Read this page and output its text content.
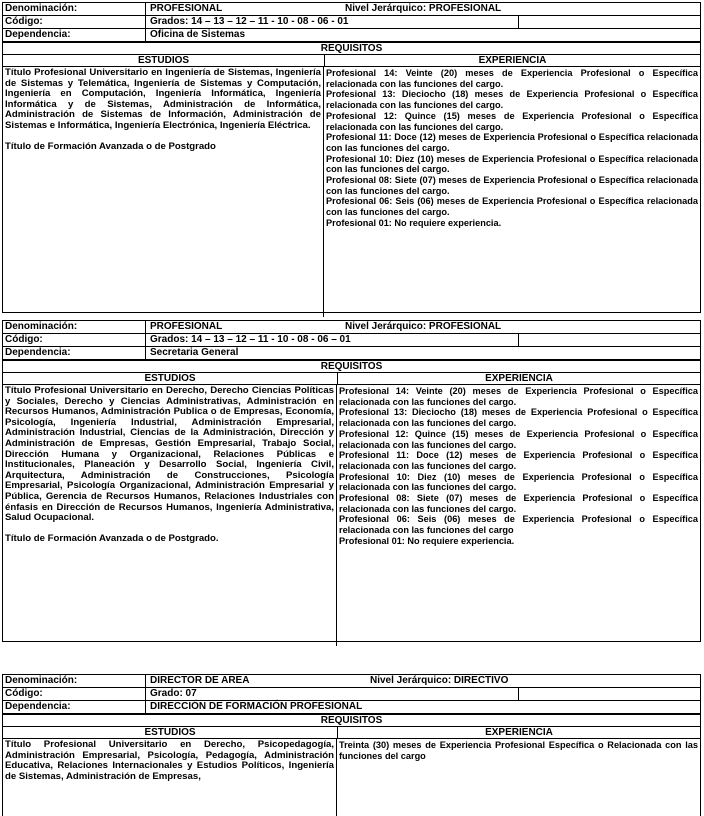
Denominación:	PROFESIONAL	Nivel Jerárquico: PROFESIONAL
Código:	Grados: 14 – 13 – 12 – 11 - 10 - 08 - 06 - 01
Dependencia:	Oficina de Sistemas
REQUISITOS
ESTUDIOS	EXPERIENCIA

Título Profesional Universitario en Ingeniería de Sistemas, Ingeniería de Sistemas y Telemática, Ingeniería de Sistemas y Computación, Ingeniería en Computación, Ingeniería Informática, Ingeniería Informática y de Sistemas, Administración de Informática, Administración de Sistemas de Información, Administración de Sistemas e Informática, Ingeniería Electrónica, Ingeniería Eléctrica.

Título de Formación Avanzada o de Postgrado

Profesional 14: Veinte (20) meses de Experiencia Profesional o Específica relacionada con las funciones del cargo.

Profesional 13: Dieciocho (18) meses de Experiencia Profesional o Específica relacionada con las funciones del cargo.

Profesional 12: Quince (15) meses de Experiencia Profesional o Específica relacionada con las funciones del cargo.

Profesional 11: Doce (12) meses de Experiencia Profesional o Específica relacionada con las funciones del cargo.

Profesional 10: Diez (10) meses de Experiencia Profesional o Específica relacionada con las funciones del cargo.

Profesional 08: Siete (07) meses de Experiencia Profesional o Específica relacionada con las funciones del cargo.

Profesional 06: Seis (06) meses de Experiencia Profesional o Específica relacionada con las funciones del cargo.

Profesional 01: No requiere experiencia.

Denominación:	PROFESIONAL	Nivel Jerárquico: PROFESIONAL
Código:	Grados: 14 – 13 – 12 – 11 - 10 - 08 - 06 – 01
Dependencia:	Secretaria General
REQUISITOS
ESTUDIOS	EXPERIENCIA

Título Profesional Universitario en Derecho, Derecho Ciencias Políticas y Sociales, Derecho y Ciencias Administrativas, Administración en Recursos Humanos, Administración Publica o de Empresas, Economía, Psicología, Ingeniería Industrial, Administración Empresarial, Administración Industrial, Ciencias de la Administración, Dirección y Administración de Empresas, Gestión Empresarial, Trabajo Social, Dirección Humana y Organizacional, Relaciones Públicas e Institucionales, Planeación y Desarrollo Social, Ingeniería Civil, Arquitectura, Administración de Construcciones, Psicología Empresarial, Psicología Organizacional, Administración Empresarial y Pública, Gerencia de Recursos Humanos, Relaciones Industriales con énfasis en Dirección de Recursos Humanos, Ingeniería Administrativa, Salud Ocupacional.

Título de Formación Avanzada o de Postgrado.

Profesional 14: Veinte (20) meses de Experiencia Profesional o Específica relacionada con las funciones del cargo.

Profesional 13: Dieciocho (18) meses de Experiencia Profesional o Específica relacionada con las funciones del cargo.

Profesional 12: Quince (15) meses de Experiencia Profesional o Específica relacionada con las funciones del cargo.

Profesional 11: Doce (12) meses de Experiencia Profesional o Específica relacionada con las funciones del cargo.

Profesional 10: Diez (10) meses de Experiencia Profesional o Específica relacionada con las funciones del cargo.

Profesional 08: Siete (07) meses de Experiencia Profesional o Específica relacionada con las funciones del cargo.

Profesional 06: Seis (06) meses de Experiencia Profesional o Específica relacionada con las funciones del cargo

Profesional 01: No requiere experiencia.

Denominación:	DIRECTOR DE AREA	Nivel Jerárquico: DIRECTIVO
Código:	Grado: 07
Dependencia:	DIRECCIÓN DE FORMACIÓN PROFESIONAL
REQUISITOS
ESTUDIOS	EXPERIENCIA

Título Profesional Universitario en Derecho, Psicopedagogía, Administración Empresarial, Psicología, Pedagogía, Administración Educativa, Relaciones Internacionales y Estudios Políticos, Ingeniería de Sistemas, Administración de Empresas,

Treinta (30) meses de Experiencia Profesional Específica o Relacionada con las funciones del cargo
